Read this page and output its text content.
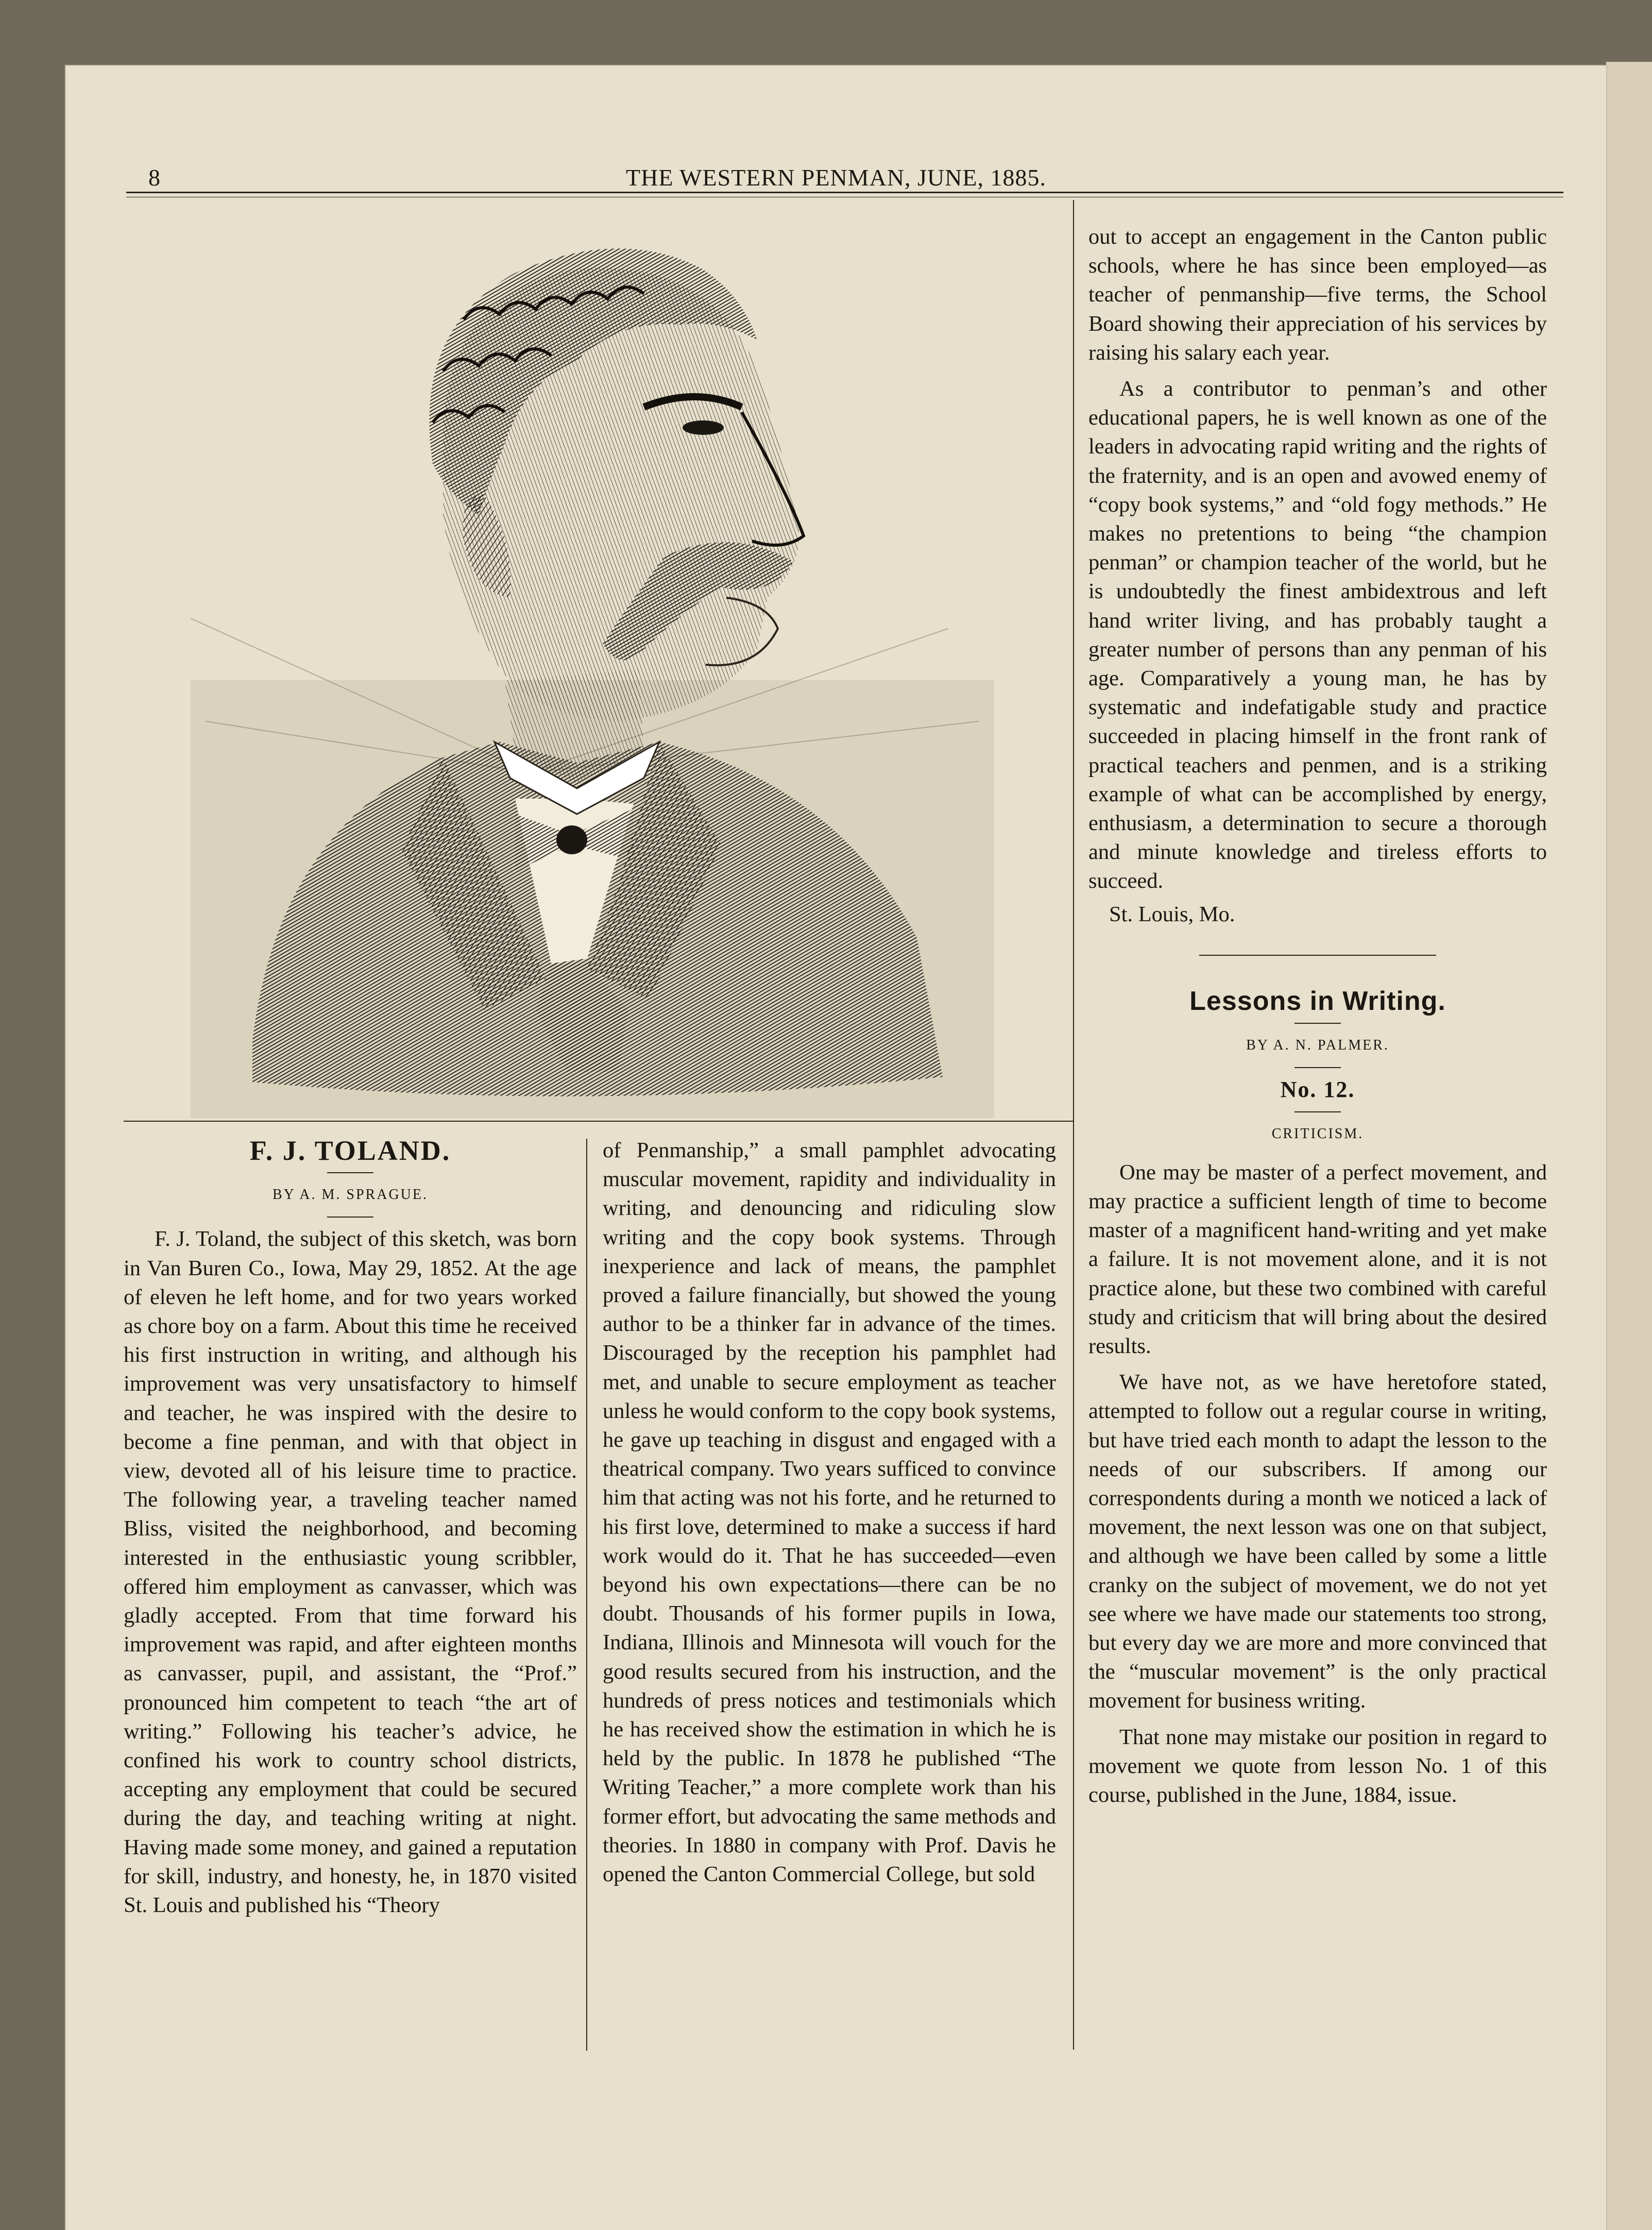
8	THE WESTERN PENMAN, JUNE, 1885.
F. J. TOLAND.
BY A. M. SPRAGUE.

F. J. Toland, the subject of this sketch, was born in Van Buren Co., Iowa, May 29, 1852. At the age of eleven he left home, and for two years worked as chore boy on a farm. About this time he received his first instruction in writing, and although his improvement was very unsatisfactory to himself and teacher, he was inspired with the desire to become a fine penman, and with that object in view, devoted all of his leisure time to practice. The following year, a traveling teacher named Bliss, visited the neighborhood, and becoming interested in the enthusiastic young scribbler, offered him employment as canvasser, which was gladly accepted. From that time forward his improvement was rapid, and after eighteen months as canvasser, pupil, and assistant, the “Prof.” pronounced him competent to teach “the art of writing.” Following his teacher’s advice, he confined his work to country school districts, accepting any employment that could be secured during the day, and teaching writing at night. Having made some money, and gained a reputation for skill, industry, and honesty, he, in 1870 visited St. Louis and published his “Theory

of Penmanship,” a small pamphlet advocating muscular movement, rapidity and individuality in writing, and denouncing and ridiculing slow writing and the copy book systems. Through inexperience and lack of means, the pamphlet proved a failure financially, but showed the young author to be a thinker far in advance of the times. Discouraged by the reception his pamphlet had met, and unable to secure employment as teacher unless he would conform to the copy book systems, he gave up teaching in disgust and engaged with a theatrical company. Two years sufficed to convince him that acting was not his forte, and he returned to his first love, determined to make a success if hard work would do it. That he has succeeded—even beyond his own expectations—there can be no doubt. Thousands of his former pupils in Iowa, Indiana, Illinois and Minnesota will vouch for the good results secured from his instruction, and the hundreds of press notices and testimonials which he has received show the estimation in which he is held by the public. In 1878 he published “The Writing Teacher,” a more complete work than his former effort, but advocating the same methods and theories. In 1880 in company with Prof. Davis he opened the Canton Commercial College, but sold

out to accept an engagement in the Canton public schools, where he has since been employed—as teacher of penmanship—five terms, the School Board showing their appreciation of his services by raising his salary each year.

As a contributor to penman’s and other educational papers, he is well known as one of the leaders in advocating rapid writing and the rights of the fraternity, and is an open and avowed enemy of “copy book systems,” and “old fogy methods.” He makes no pretentions to being “the champion penman” or champion teacher of the world, but he is undoubtedly the finest ambidextrous and left hand writer living, and has probably taught a greater number of persons than any penman of his age. Comparatively a young man, he has by systematic and indefatigable study and practice succeeded in placing himself in the front rank of practical teachers and penmen, and is a striking example of what can be accomplished by energy, enthusiasm, a determination to secure a thorough and minute knowledge and tireless efforts to succeed.

St. Louis, Mo.

Lessons in Writing.
BY A. N. PALMER.
No. 12.
CRITICISM.

One may be master of a perfect movement, and may practice a sufficient length of time to become master of a magnificent hand-writing and yet make a failure. It is not movement alone, and it is not practice alone, but these two combined with careful study and criticism that will bring about the desired results.

We have not, as we have heretofore stated, attempted to follow out a regular course in writing, but have tried each month to adapt the lesson to the needs of our subscribers. If among our correspondents during a month we noticed a lack of movement, the next lesson was one on that subject, and although we have been called by some a little cranky on the subject of movement, we do not yet see where we have made our statements too strong, but every day we are more and more convinced that the “muscular movement” is the only practical movement for business writing.

That none may mistake our position in regard to movement we quote from lesson No. 1 of this course, published in the June, 1884, issue.
